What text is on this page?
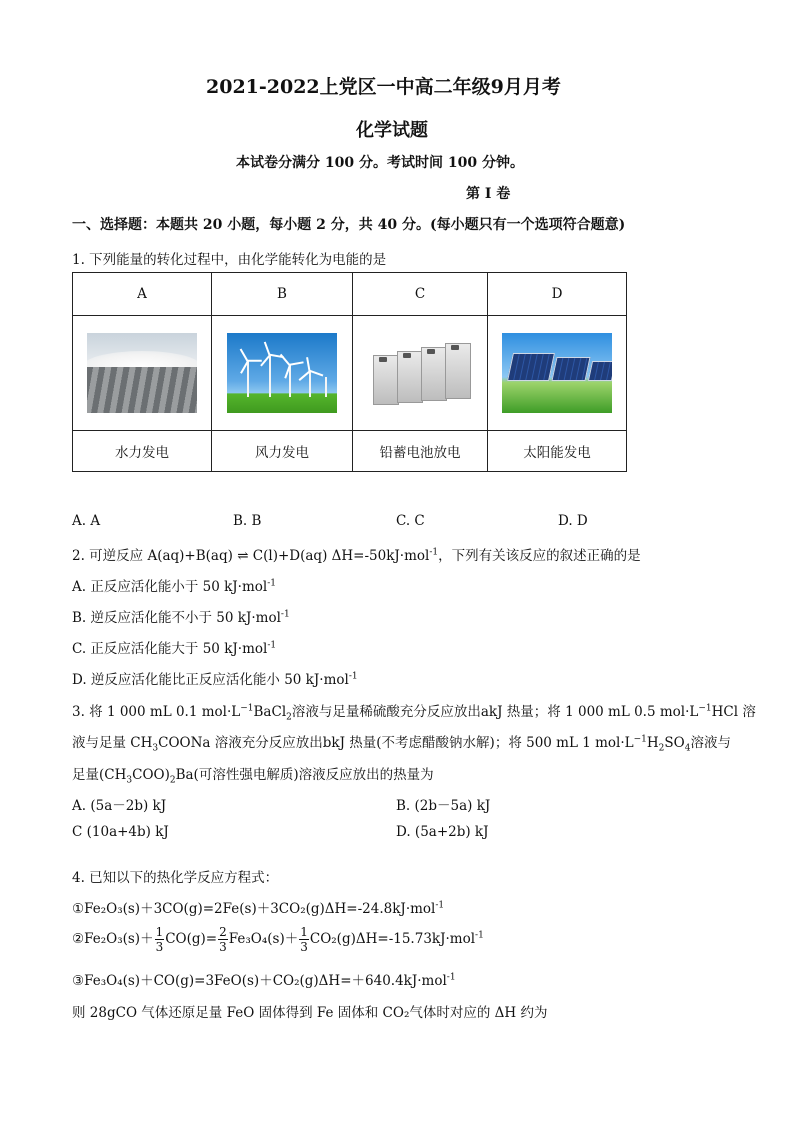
2021-2022上党区一中高二年级9月月考
化学试题
本试卷分满分 100 分。考试时间 100 分钟。
第 I 卷
一、选择题：本题共 20 小题，每小题 2 分，共 40 分。(每小题只有一个选项符合题意)
1. 下列能量的转化过程中，由化学能转化为电能的是
A	B	C	D

水力发电	风力发电	铅蓄电池放电	太阳能发电
A. A	B. B	C. C	D. D
2. 可逆反应 A(aq)+B(aq) ⇌ C(l)+D(aq) ΔH=-50kJ·mol$^{-1}$，下列有关该反应的叙述正确的是
A. 正反应活化能小于 50 kJ·mol$^{-1}$
B. 逆反应活化能不小于 50 kJ·mol$^{-1}$
C. 正反应活化能大于 50 kJ·mol$^{-1}$
D. 逆反应活化能比正反应活化能小 50 kJ·mol$^{-1}$
3. 将 1 000 mL 0.1 $mol\cdot L^{-1}BaCl_2$溶液与足量稀硫酸充分反应放出akJ 热量；将 1 000 mL 0.5 $mol\cdot L^{-1}HCl$ 溶
液与足量 $CH_3COONa$ 溶液充分反应放出bkJ 热量(不考虑醋酸钠水解)；将 500 mL 1 $mol\cdot L^{-1}H_2SO_4$溶液与
足量$(CH_3COO)_2Ba$(可溶性强电解质)溶液反应放出的热量为
A. (5a－2b) kJ	B. (2b－5a) kJ
C (10a+4b) kJ	D. (5a+2b) kJ
4. 已知以下的热化学反应方程式：
①Fe₂O₃(s)＋3CO(g)=2Fe(s)＋3CO₂(g)ΔH=-24.8kJ·mol$^{-1}$
②Fe₂O₃(s)＋ $\frac{1}{3} CO(g)= \frac{2}{3} Fe_3O_4(s)+ \frac{1}{3} CO_2(g)\Delta H=-15.73kJ\cdot mol^{-1}$
③Fe₃O₄(s)＋CO(g)=3FeO(s)＋CO₂(g)ΔH=＋640.4kJ·mol$^{-1}$
则 28gCO 气体还原足量 FeO 固体得到 Fe 固体和 CO₂气体时对应的 ΔH 约为
